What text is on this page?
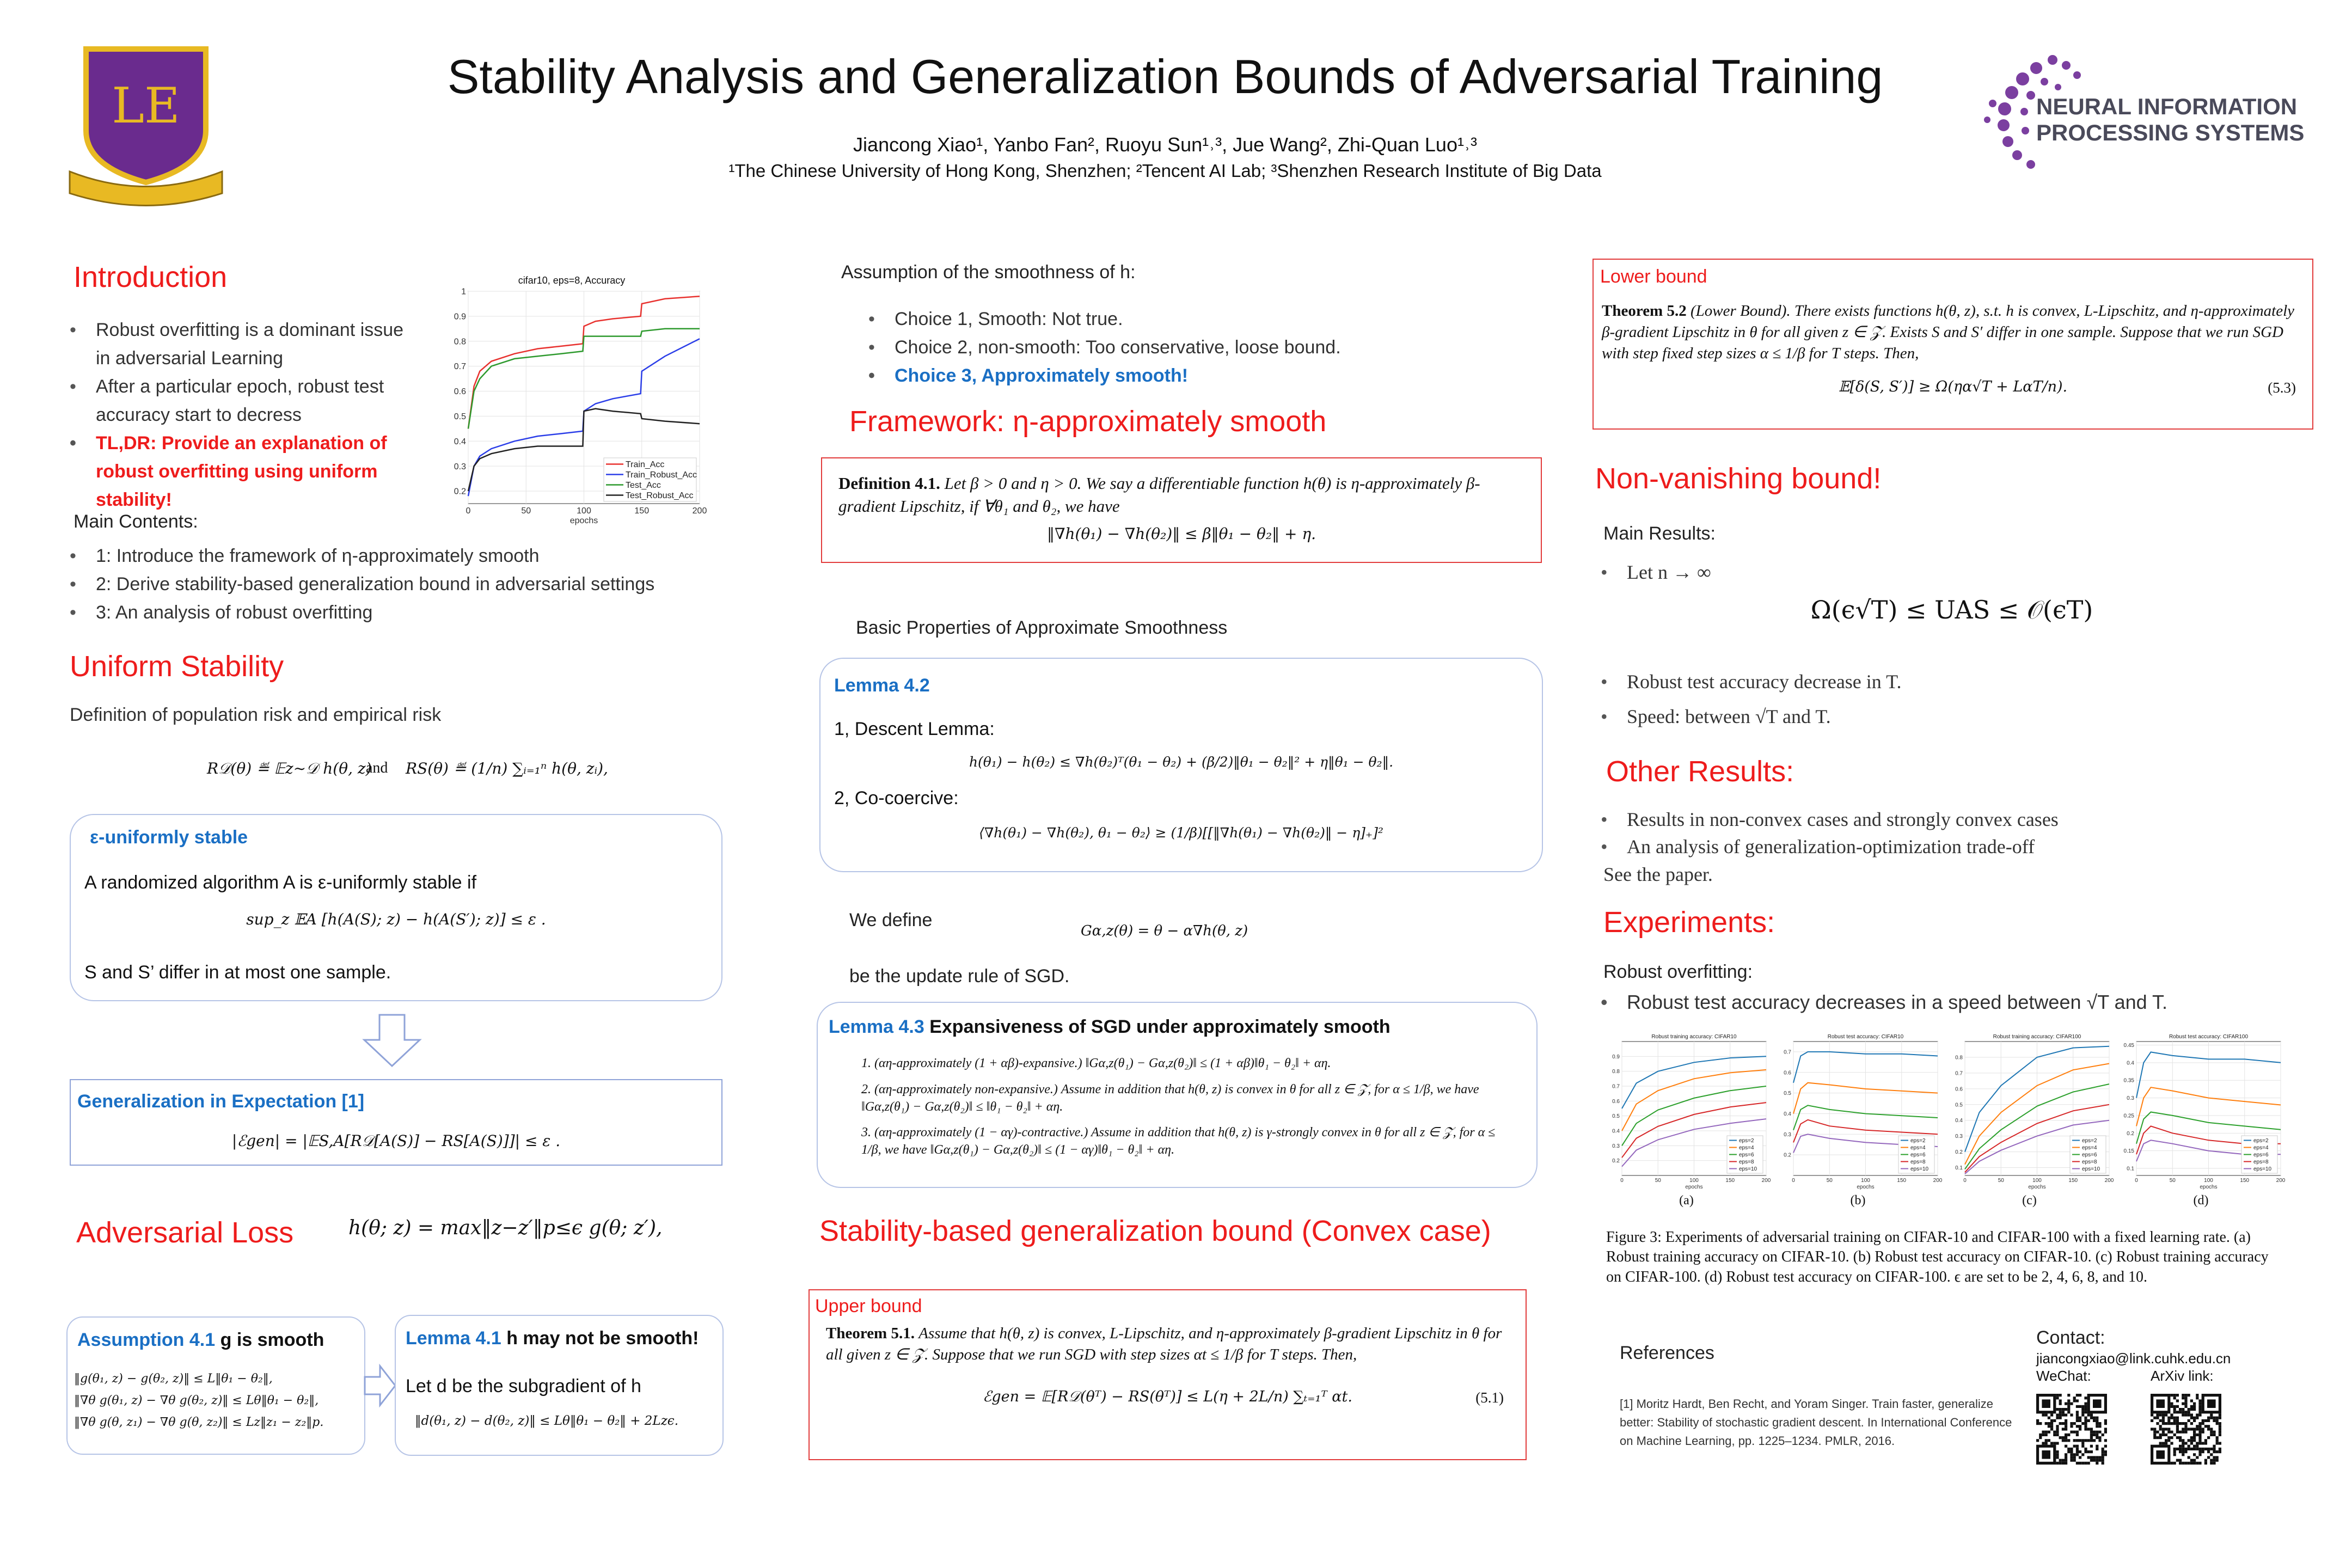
LE
Stability Analysis and Generalization Bounds of Adversarial Training
Jiancong Xiao¹, Yanbo Fan², Ruoyu Sun¹˒³, Jue Wang², Zhi-Quan Luo¹˒³
¹The Chinese University of Hong Kong, Shenzhen; ²Tencent AI Lab; ³Shenzhen Research Institute of Big Data
NEURAL INFORMATION
PROCESSING SYSTEMS
Introduction
• Robust overfitting is a dominant issue in adversarial Learning
• After a particular epoch, robust test accuracy start to decress
• TL,DR: Provide an explanation of robust overfitting using uniform stability!
Main Contents:
• 1: Introduce the framework of η-approximately smooth
• 2: Derive stability-based generalization bound in adversarial settings
• 3: An analysis of robust overfitting
cifar10, eps=8, Accuracy
0.2
0.3
0.4
0.5
0.6
0.7
0.8
0.9
1
0	50	100	150	200
epochs
Train_Acc
Train_Robust_Acc
Test_Acc
Test_Robust_Acc
Uniform Stability
Definition of population risk and empirical risk
R𝒟(θ) ≝ 𝔼z∼𝒟 h(θ, z)
and RS(θ) ≝ (1/n) ∑ᵢ₌₁ⁿ h(θ, zᵢ),
ε-uniformly stable
A randomized algorithm A is ε-uniformly stable if
sup_z 𝔼A [h(A(S); z) − h(A(S′); z)] ≤ ε .
S and S’ differ in at most one sample.
Generalization in Expectation [1]
|ℰgen| = |𝔼S,A[R𝒟[A(S)] − RS[A(S)]]| ≤ ε .
Adversarial Loss	h(θ; z) = max‖z−z′‖p≤ϵ g(θ; z′),
Assumption 4.1 g is smooth
‖g(θ₁, z) − g(θ₂, z)‖ ≤ L‖θ₁ − θ₂‖,
‖∇θ g(θ₁, z) − ∇θ g(θ₂, z)‖ ≤ Lθ‖θ₁ − θ₂‖,
‖∇θ g(θ, z₁) − ∇θ g(θ, z₂)‖ ≤ Lz‖z₁ − z₂‖p.
Lemma 4.1 h may not be smooth!
Let d be the subgradient of h
‖d(θ₁, z) − d(θ₂, z)‖ ≤ Lθ‖θ₁ − θ₂‖ + 2Lzϵ.
Assumption of the smoothness of h:
• Choice 1, Smooth: Not true.
• Choice 2, non-smooth: Too conservative, loose bound.
• Choice 3, Approximately smooth!
Framework: η-approximately smooth
Definition 4.1. Let β > 0 and η > 0. We say a differentiable function h(θ) is η-approximately β-gradient Lipschitz, if ∀θ₁ and θ₂, we have
‖∇h(θ₁) − ∇h(θ₂)‖ ≤ β‖θ₁ − θ₂‖ + η.
Basic Properties of Approximate Smoothness
Lemma 4.2
1, Descent Lemma:
h(θ₁) − h(θ₂) ≤ ∇h(θ₂)ᵀ(θ₁ − θ₂) + (β/2)‖θ₁ − θ₂‖² + η‖θ₁ − θ₂‖.
2, Co-coercive:
⟨∇h(θ₁) − ∇h(θ₂), θ₁ − θ₂⟩ ≥ (1/β)[[‖∇h(θ₁) − ∇h(θ₂)‖ − η]₊]²
We define
Gα,z(θ) = θ − α∇h(θ, z)
be the update rule of SGD.
Lemma 4.3 Expansiveness of SGD under approximately smooth
1. (αη-approximately (1 + αβ)-expansive.) ‖Gα,z(θ₁) − Gα,z(θ₂)‖ ≤ (1 + αβ)‖θ₁ − θ₂‖ + αη.
2. (αη-approximately non-expansive.) Assume in addition that h(θ, z) is convex in θ for all z ∈ 𝒵, for α ≤ 1/β, we have ‖Gα,z(θ₁) − Gα,z(θ₂)‖ ≤ ‖θ₁ − θ₂‖ + αη.
3. (αη-approximately (1 − αγ)-contractive.) Assume in addition that h(θ, z) is γ-strongly convex in θ for all z ∈ 𝒵, for α ≤ 1/β, we have ‖Gα,z(θ₁) − Gα,z(θ₂)‖ ≤ (1 − αγ)‖θ₁ − θ₂‖ + αη.
Stability-based generalization bound (Convex case)
Upper bound
Theorem 5.1. Assume that h(θ, z) is convex, L-Lipschitz, and η-approximately β-gradient Lipschitz in θ for all given z ∈ 𝒵. Suppose that we run SGD with step sizes αt ≤ 1/β for T steps. Then,
ℰgen = 𝔼[R𝒟(θᵀ) − RS(θᵀ)] ≤ L(η + 2L/n) ∑ₜ₌₁ᵀ αt.	(5.1)
Lower bound
Theorem 5.2 (Lower Bound). There exists functions h(θ, z), s.t. h is convex, L-Lipschitz, and η-approximately β-gradient Lipschitz in θ for all given z ∈ 𝒵. Exists S and S′ differ in one sample. Suppose that we run SGD with step fixed step sizes α ≤ 1/β for T steps. Then,
𝔼[δ(S, S′)] ≥ Ω(ηα√T + LαT/n).	(5.3)
Non-vanishing bound!
Main Results:
• Let n → ∞
Ω(ϵ√T) ≤ UAS ≤ 𝒪(ϵT)
• Robust test accuracy decrease in T.
• Speed: between √T and T.
Other Results:
• Results in non-convex cases and strongly convex cases
• An analysis of generalization-optimization trade-off
See the paper.
Experiments:
Robust overfitting:
• Robust test accuracy decreases in a speed between √T and T.
Robust training accuracy: CIFAR10
0.2
0.3
0.4
0.5
0.6
0.7
0.8
0.9
0	50	100	150	200
epochs
eps=2
eps=4
eps=6
eps=8
eps=10
(a)
Robust test accuracy: CIFAR10
0.2
0.3
0.4
0.5
0.6
0.7
0	50	100	150	200
epochs
eps=2
eps=4
eps=6
eps=8
eps=10
(b)
Robust training accuracy: CIFAR100
0.1
0.2
0.3
0.4
0.5
0.6
0.7
0.8
0	50	100	150	200
epochs
eps=2
eps=4
eps=6
eps=8
eps=10
(c)
Robust test accuracy: CIFAR100
0.1
0.15
0.2
0.25
0.3
0.35
0.4
0.45
0	50	100	150	200
epochs
eps=2
eps=4
eps=6
eps=8
eps=10
(d)
Figure 3: Experiments of adversarial training on CIFAR-10 and CIFAR-100 with a fixed learning rate. (a) Robust training accuracy on CIFAR-10. (b) Robust test accuracy on CIFAR-10. (c) Robust training accuracy on CIFAR-100. (d) Robust test accuracy on CIFAR-100. ϵ are set to be 2, 4, 6, 8, and 10.
References
[1] Moritz Hardt, Ben Recht, and Yoram Singer. Train faster, generalize better: Stability of stochastic gradient descent. In International Conference on Machine Learning, pp. 1225–1234. PMLR, 2016.
Contact:
jiancongxiao@link.cuhk.edu.cn
WeChat:	ArXiv link:
